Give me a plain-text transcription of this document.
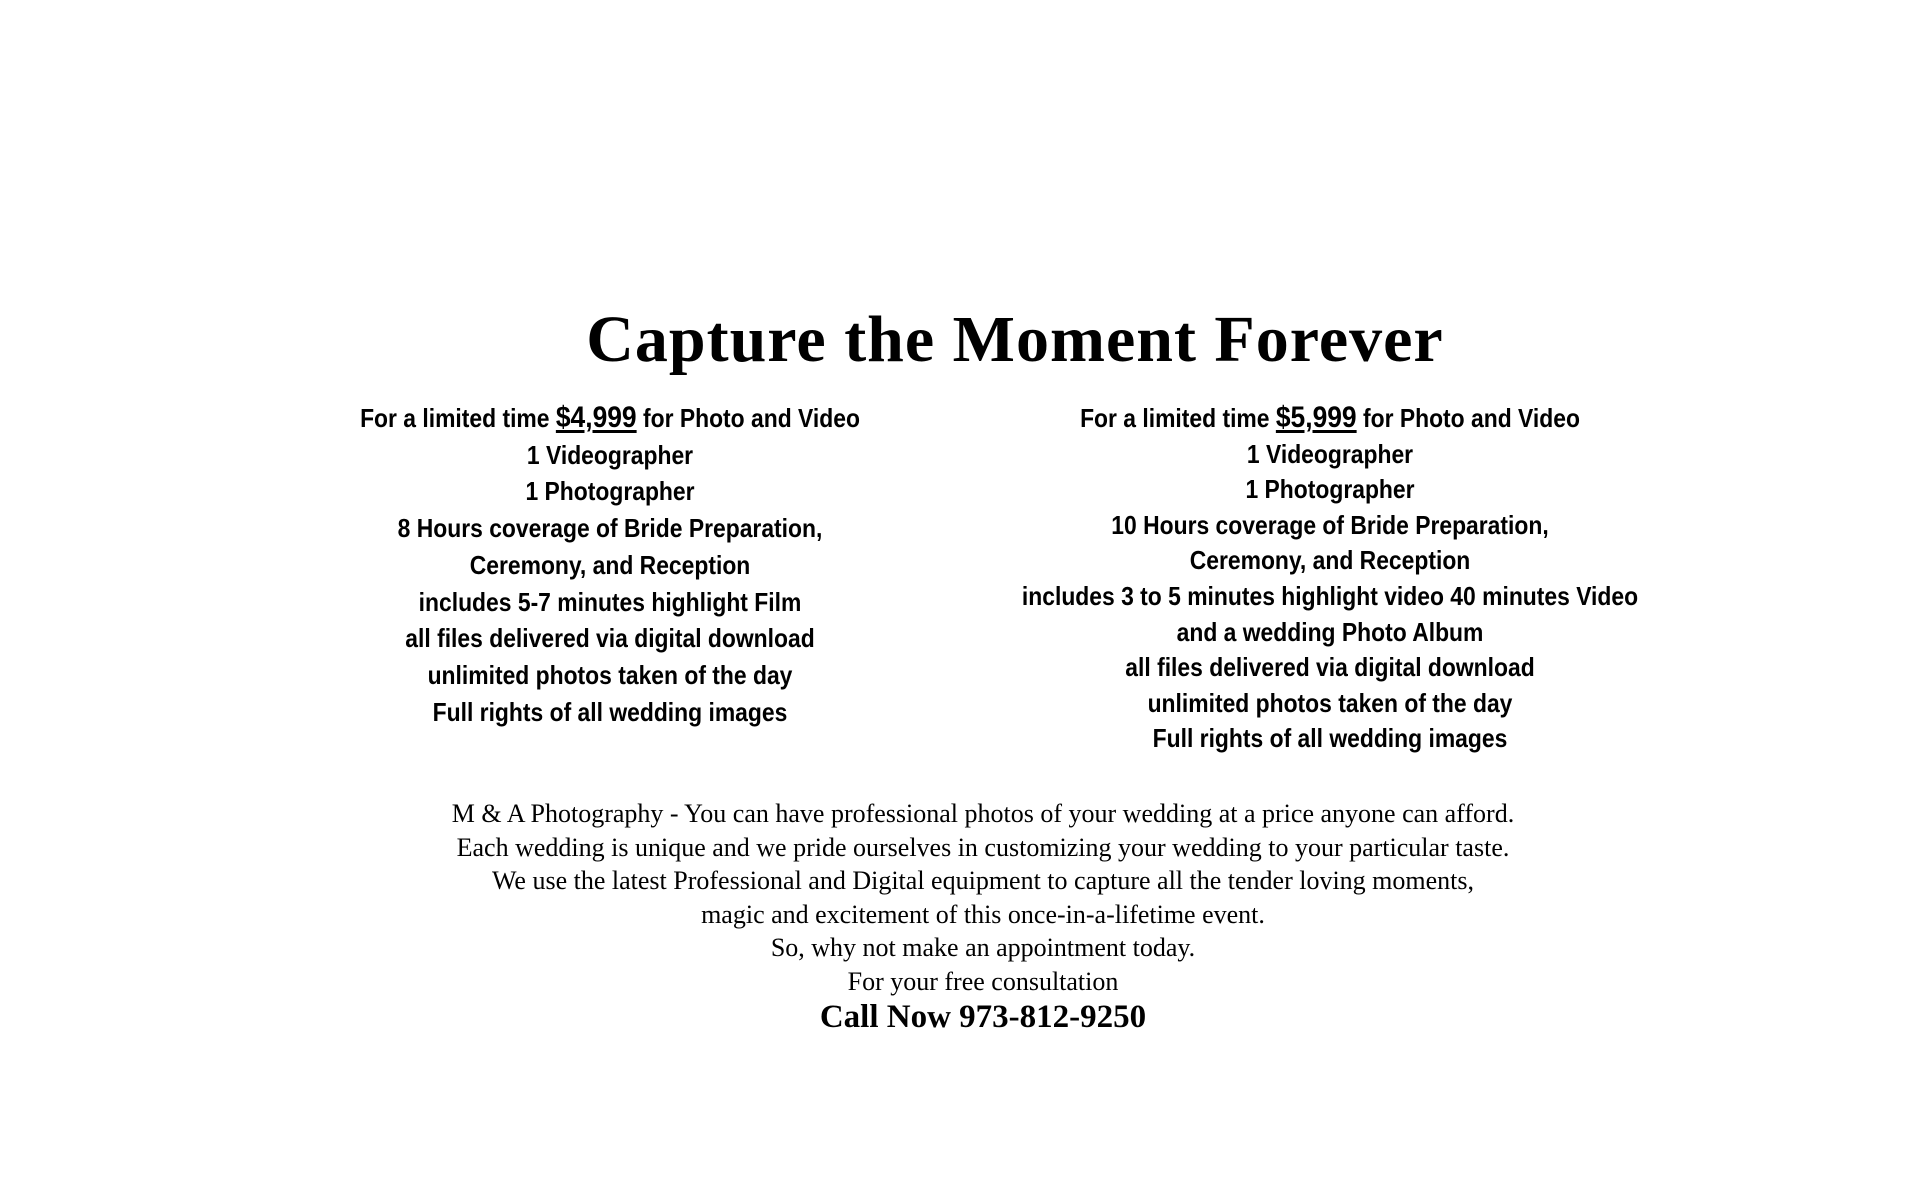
Capture the Moment Forever
For a limited time $4,999 for Photo and Video
1 Videographer
1 Photographer
8 Hours coverage of Bride Preparation,
Ceremony, and Reception
includes 5-7 minutes highlight Film
all files delivered via digital download
unlimited photos taken of the day
Full rights of all wedding images
For a limited time $5,999 for Photo and Video
1 Videographer
1 Photographer
10 Hours coverage of Bride Preparation,
Ceremony, and Reception
includes 3 to 5 minutes highlight video 40 minutes Video
and a wedding Photo Album
all files delivered via digital download
unlimited photos taken of the day
Full rights of all wedding images
M & A Photography - You can have professional photos of your wedding at a price anyone can afford.
Each wedding is unique and we pride ourselves in customizing your wedding to your particular taste.
We use the latest Professional and Digital equipment to capture all the tender loving moments,
magic and excitement of this once-in-a-lifetime event.
So, why not make an appointment today.
For your free consultation
Call Now 973-812-9250
